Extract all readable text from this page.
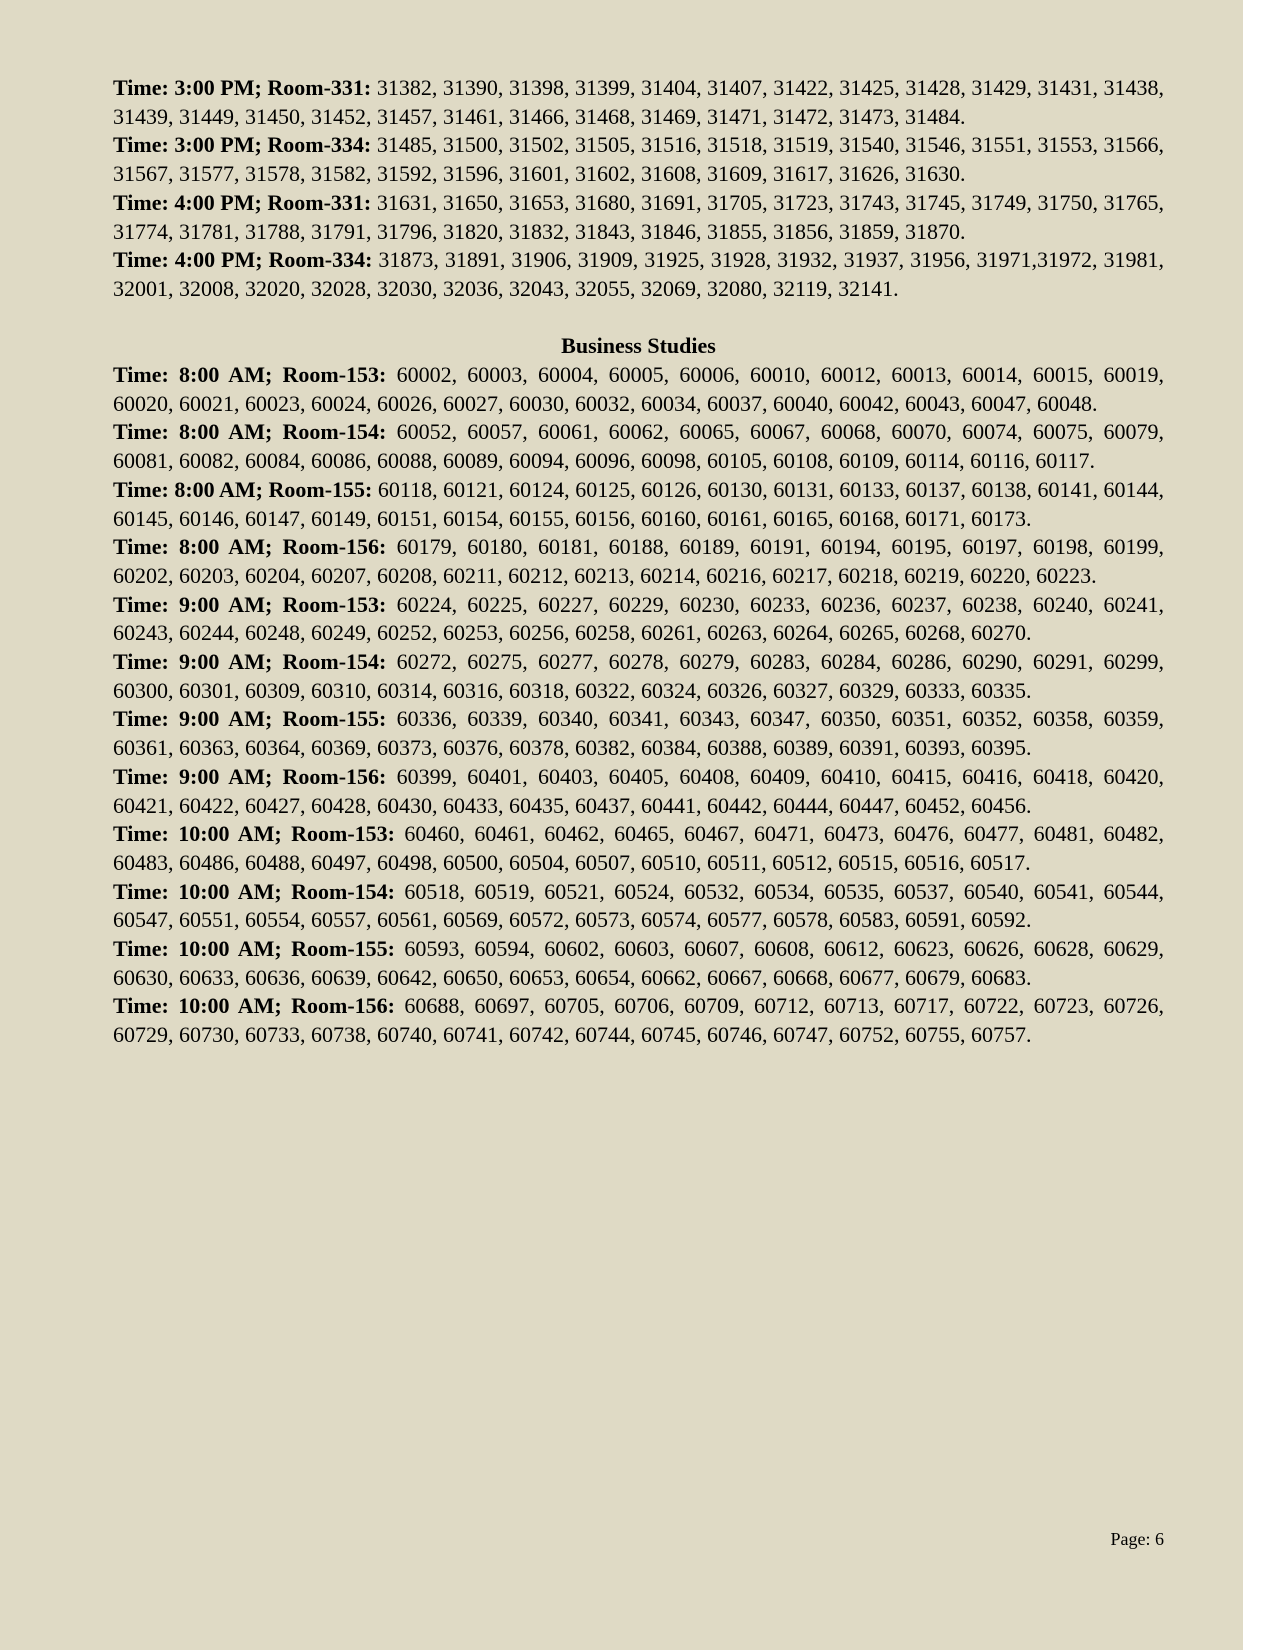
Time: 3:00 PM; Room-331: 31382, 31390, 31398, 31399, 31404, 31407, 31422, 31425, 31428, 31429, 31431, 31438, 31439, 31449, 31450, 31452, 31457, 31461, 31466, 31468, 31469, 31471, 31472, 31473, 31484.

Time: 3:00 PM; Room-334: 31485, 31500, 31502, 31505, 31516, 31518, 31519, 31540, 31546, 31551, 31553, 31566, 31567, 31577, 31578, 31582, 31592, 31596, 31601, 31602, 31608, 31609, 31617, 31626, 31630.

Time: 4:00 PM; Room-331: 31631, 31650, 31653, 31680, 31691, 31705, 31723, 31743, 31745, 31749, 31750, 31765, 31774, 31781, 31788, 31791, 31796, 31820, 31832, 31843, 31846, 31855, 31856, 31859, 31870.

Time: 4:00 PM; Room-334: 31873, 31891, 31906, 31909, 31925, 31928, 31932, 31937, 31956, 31971,31972, 31981, 32001, 32008, 32020, 32028, 32030, 32036, 32043, 32055, 32069, 32080, 32119, 32141.

Business Studies

Time: 8:00 AM; Room-153: 60002, 60003, 60004, 60005, 60006, 60010, 60012, 60013, 60014, 60015, 60019, 60020, 60021, 60023, 60024, 60026, 60027, 60030, 60032, 60034, 60037, 60040, 60042, 60043, 60047, 60048.

Time: 8:00 AM; Room-154: 60052, 60057, 60061, 60062, 60065, 60067, 60068, 60070, 60074, 60075, 60079, 60081, 60082, 60084, 60086, 60088, 60089, 60094, 60096, 60098, 60105, 60108, 60109, 60114, 60116, 60117.

Time: 8:00 AM; Room-155: 60118, 60121, 60124, 60125, 60126, 60130, 60131, 60133, 60137, 60138, 60141, 60144, 60145, 60146, 60147, 60149, 60151, 60154, 60155, 60156, 60160, 60161, 60165, 60168, 60171, 60173.

Time: 8:00 AM; Room-156: 60179, 60180, 60181, 60188, 60189, 60191, 60194, 60195, 60197, 60198, 60199, 60202, 60203, 60204, 60207, 60208, 60211, 60212, 60213, 60214, 60216, 60217, 60218, 60219, 60220, 60223.

Time: 9:00 AM; Room-153: 60224, 60225, 60227, 60229, 60230, 60233, 60236, 60237, 60238, 60240, 60241, 60243, 60244, 60248, 60249, 60252, 60253, 60256, 60258, 60261, 60263, 60264, 60265, 60268, 60270.

Time: 9:00 AM; Room-154: 60272, 60275, 60277, 60278, 60279, 60283, 60284, 60286, 60290, 60291, 60299, 60300, 60301, 60309, 60310, 60314, 60316, 60318, 60322, 60324, 60326, 60327, 60329, 60333, 60335.

Time: 9:00 AM; Room-155: 60336, 60339, 60340, 60341, 60343, 60347, 60350, 60351, 60352, 60358, 60359, 60361, 60363, 60364, 60369, 60373, 60376, 60378, 60382, 60384, 60388, 60389, 60391, 60393, 60395.

Time: 9:00 AM; Room-156: 60399, 60401, 60403, 60405, 60408, 60409, 60410, 60415, 60416, 60418, 60420, 60421, 60422, 60427, 60428, 60430, 60433, 60435, 60437, 60441, 60442, 60444, 60447, 60452, 60456.

Time: 10:00 AM; Room-153: 60460, 60461, 60462, 60465, 60467, 60471, 60473, 60476, 60477, 60481, 60482, 60483, 60486, 60488, 60497, 60498, 60500, 60504, 60507, 60510, 60511, 60512, 60515, 60516, 60517.

Time: 10:00 AM; Room-154: 60518, 60519, 60521, 60524, 60532, 60534, 60535, 60537, 60540, 60541, 60544, 60547, 60551, 60554, 60557, 60561, 60569, 60572, 60573, 60574, 60577, 60578, 60583, 60591, 60592.

Time: 10:00 AM; Room-155: 60593, 60594, 60602, 60603, 60607, 60608, 60612, 60623, 60626, 60628, 60629, 60630, 60633, 60636, 60639, 60642, 60650, 60653, 60654, 60662, 60667, 60668, 60677, 60679, 60683.

Time: 10:00 AM; Room-156: 60688, 60697, 60705, 60706, 60709, 60712, 60713, 60717, 60722, 60723, 60726, 60729, 60730, 60733, 60738, 60740, 60741, 60742, 60744, 60745, 60746, 60747, 60752, 60755, 60757.

Page: 6
